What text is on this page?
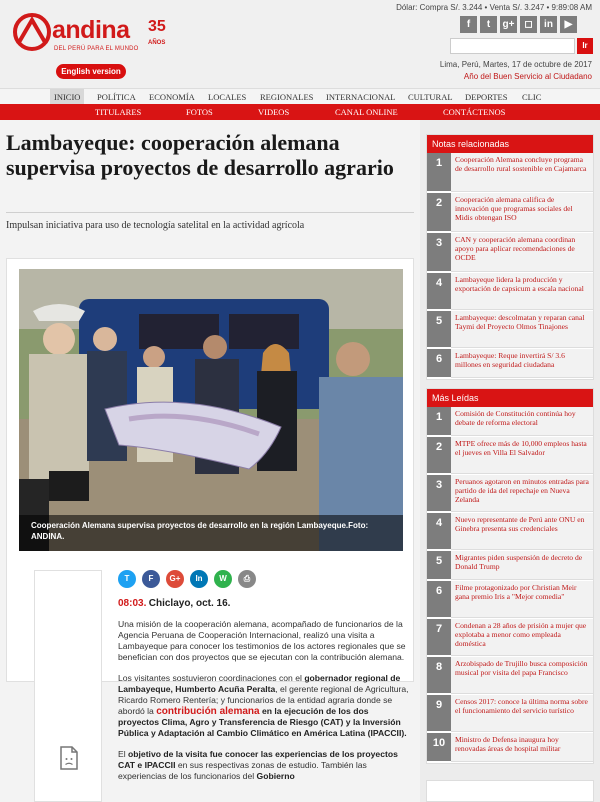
andina 35
AÑOS
DEL PERÚ PARA EL MUNDO
English version
Dólar: Compra S/. 3.244 • Venta S/. 3.247 • 9:89:08 AM
f	t	g+ ◻	in	▶
Ir
Lima, Perú, Martes, 17 de octubre de 2017
Año del Buen Servicio al Ciudadano
INICIO	POLÍTICA ECONOMÍA LOCALES REGIONALES INTERNACIONAL CULTURAL DEPORTES CLIC
TITULARES	FOTOS	VIDEOS	CANAL ONLINE	CONTÁCTENOS
Lambayeque: cooperación alemana supervisa proyectos de desarrollo agrario
Impulsan iniciativa para uso de tecnología satelital en la actividad agrícola
Cooperación Alemana supervisa proyectos de desarrollo en la región Lambayeque.Foto: ANDINA.
T	F	G+	In	W	⎙

08:03. Chiclayo, oct. 16.

Una misión de la cooperación alemana, acompañado de funcionarios de la Agencia Peruana de Cooperación Internacional, realizó una visita a Lambayeque para conocer los testimonios de los actores regionales que se benefician con dos proyectos que se ejecutan con la contribución alemana.

Los visitantes sostuvieron coordinaciones con el gobernador regional de Lambayeque, Humberto Acuña Peralta, el gerente regional de Agricultura, Ricardo Romero Rentería; y funcionarios de la entidad agraria donde se abordó la contribución alemana en la ejecución de los dos proyectos Clima, Agro y Transferencia de Riesgo (CAT) y la Inversión Pública y Adaptación al Cambio Climático en América Latina (IPACCII).

El objetivo de la visita fue conocer las experiencias de los proyectos CAT e IPACCII en sus respectivas zonas de estudio. También las experiencias de los funcionarios del Gobierno

Notas relacionadas
1	Cooperación Alemana concluye programa de desarrollo rural sostenible en Cajamarca
2	Cooperación alemana califica de innovación que programas sociales del Midis obtengan ISO
3	CAN y cooperación alemana coordinan apoyo para aplicar recomendaciones de OCDE
4	Lambayeque lidera la producción y exportación de capsicum a escala nacional
5	Lambayeque: descolmatan y reparan canal Taymi del Proyecto Olmos Tinajones
6	Lambayeque: Reque invertirá S/ 3.6 millones en seguridad ciudadana
Más Leídas
1	Comisión de Constitución continúa hoy debate de reforma electoral
2	MTPE ofrece más de 10,000 empleos hasta el jueves en Villa El Salvador
3	Peruanos agotaron en minutos entradas para partido de ida del repechaje en Nueva Zelanda
4	Nuevo representante de Perú ante ONU en Ginebra presenta sus credenciales
5	Migrantes piden suspensión de decreto de Donald Trump
6	Filme protagonizado por Christian Meir gana premio Iris a "Mejor comedia"
7	Condenan a 28 años de prisión a mujer que explotaba a menor como empleada doméstica
8	Arzobispado de Trujillo busca composición musical por visita del papa Francisco
9	Censos 2017: conoce la última norma sobre el funcionamiento del servicio turístico
10	Ministro de Defensa inaugura hoy renovadas áreas de hospital militar
